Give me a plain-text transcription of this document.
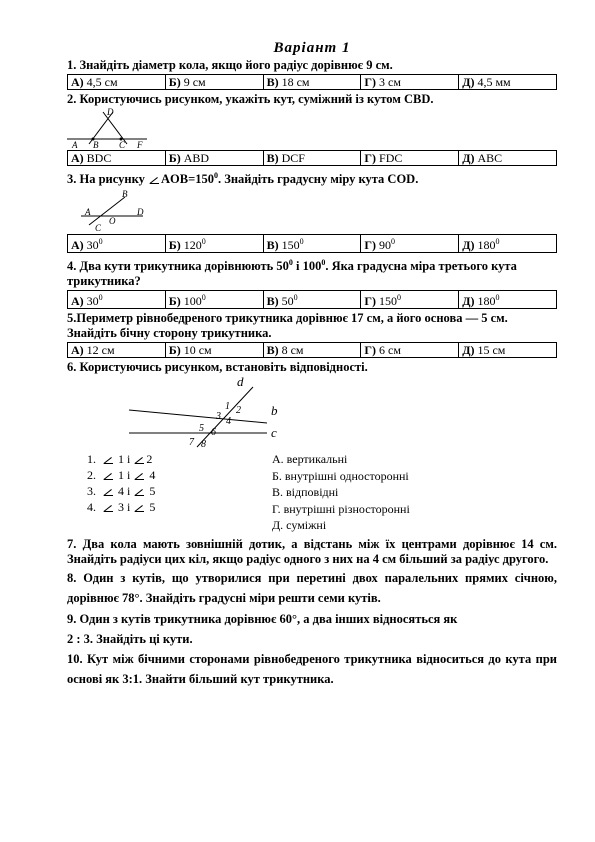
Варіант 1
1. Знайдіть діаметр кола, якщо його радіус дорівнює 9 см.
А) 4,5 см	Б) 9 см	В) 18 см	Г) 3 см	Д) 4,5 мм
2. Користуючись рисунком, укажіть кут, суміжний із кутом CBD.
D
A B C F
А) BDC	Б) ABD	В) DCF	Г) FDC	Д) ABC
3. На рисунку $AOB=150^0$. Знайдіть градусну міру кута COD.
B
A	D
O
C
А) $30^0$	Б) $120^0$	В) $150^0$	Г) $90^0$	Д) $180^0$
4. Два кути трикутника дорівнюють $50^0$ і $100^0$. Яка градусна міра третього кута трикутника?
А) $30^0$	Б) $100^0$	В) $50^0$	Г) $150^0$	Д) $180^0$
5.Периметр рівнобедреного трикутника дорівнює 17 см, а його основа — 5 см. Знайдіть бічну сторону трикутника.
А) 12 см	Б) 10 см	В) 8 см	Г) 6 см	Д) 15 см
6. Користуючись рисунком, встановіть відповідності.
d
b
c
1 2
3 4
5 6
7 8
1.   1 і 2
2.   1 і  4
3.   4 і  5
4.   3 і  5
А. вертикальні
Б. внутрішні односторонні
В. відповідні
Г. внутрішні різносторонні
Д. суміжні
7. Два кола мають зовнішній дотик, а відстань між їх центрами дорівнює 14 см. Знайдіть радіуси цих кіл, якщо радіус одного з них на 4 см більший за радіус другого.
8. Один з кутів, що утворилися при перетині двох паралельних прямих січною, дорівнює 78°. Знайдіть градусні міри решти семи кутів.
9. Один з кутів трикутника дорівнює 60°, а два інших відносяться як
2 : 3. Знайдіть ці кути.
10. Кут між бічними сторонами рівнобедреного трикутника відноситься до кута при основі як 3:1. Знайти більший кут трикутника.
